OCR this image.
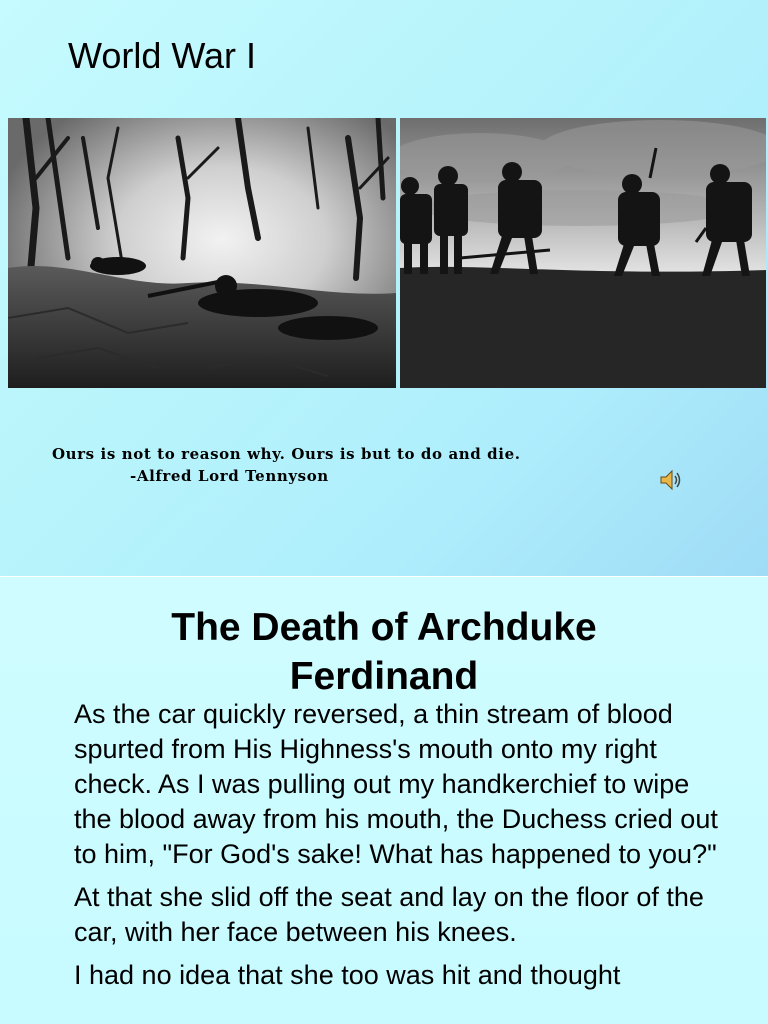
World War I
Ours is not to reason why. Ours is but to do and die.
-Alfred Lord Tennyson
The Death of Archduke
Ferdinand

As the car quickly reversed, a thin stream of blood spurted from His Highness's mouth onto my right check. As I was pulling out my handkerchief to wipe the blood away from his mouth, the Duchess cried out to him, "For God's sake! What has happened to you?"

At that she slid off the seat and lay on the floor of the car, with her face between his knees.

I had no idea that she too was hit and thought
